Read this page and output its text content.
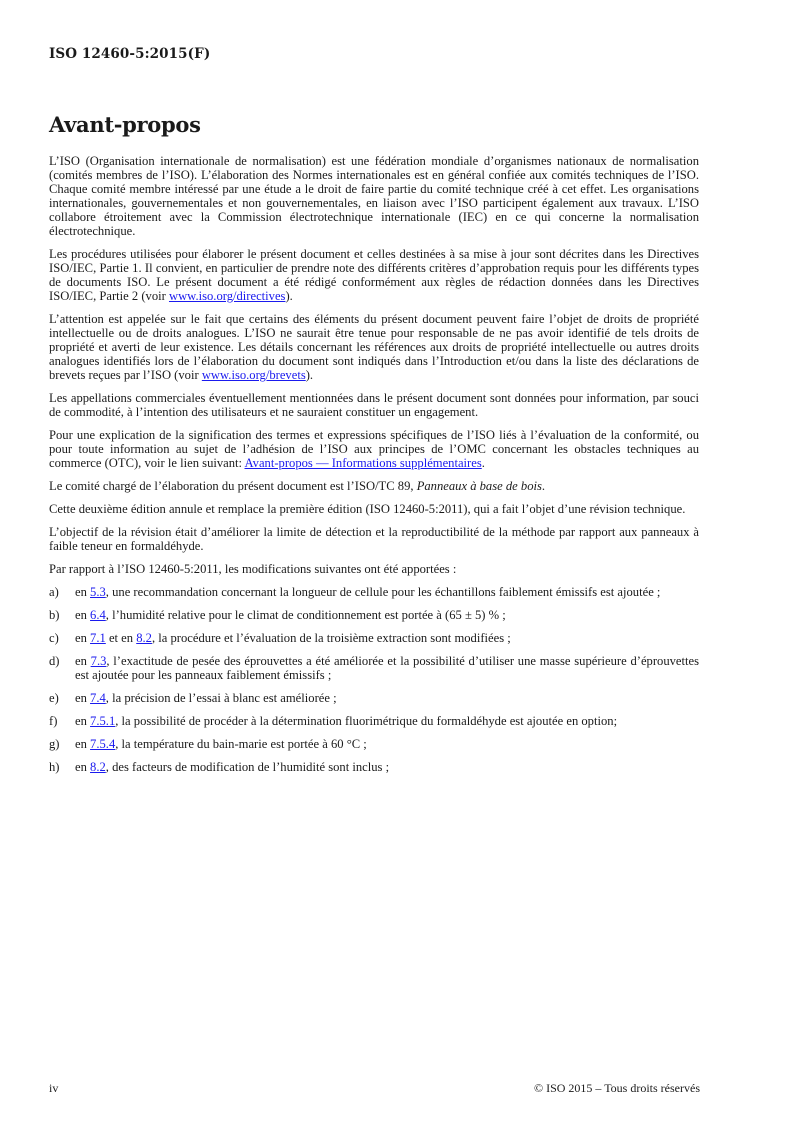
ISO 12460-5:2015(F)
Avant-propos

L’ISO (Organisation internationale de normalisation) est une fédération mondiale d’organismes nationaux de normalisation (comités membres de l’ISO). L’élaboration des Normes internationales est en général confiée aux comités techniques de l’ISO. Chaque comité membre intéressé par une étude a le droit de faire partie du comité technique créé à cet effet. Les organisations internationales, gouvernementales et non gouvernementales, en liaison avec l’ISO participent également aux travaux. L’ISO collabore étroitement avec la Commission électrotechnique internationale (IEC) en ce qui concerne la normalisation électrotechnique.

Les procédures utilisées pour élaborer le présent document et celles destinées à sa mise à jour sont décrites dans les Directives ISO/IEC, Partie 1. Il convient, en particulier de prendre note des différents critères d’approbation requis pour les différents types de documents ISO. Le présent document a été rédigé conformément aux règles de rédaction données dans les Directives ISO/IEC, Partie 2 (voir www.iso.org/directives).

L’attention est appelée sur le fait que certains des éléments du présent document peuvent faire l’objet de droits de propriété intellectuelle ou de droits analogues. L’ISO ne saurait être tenue pour responsable de ne pas avoir identifié de tels droits de propriété et averti de leur existence. Les détails concernant les références aux droits de propriété intellectuelle ou autres droits analogues identifiés lors de l’élaboration du document sont indiqués dans l’Introduction et/ou dans la liste des déclarations de brevets reçues par l’ISO (voir www.iso.org/brevets).

Les appellations commerciales éventuellement mentionnées dans le présent document sont données pour information, par souci de commodité, à l’intention des utilisateurs et ne sauraient constituer un engagement.

Pour une explication de la signification des termes et expressions spécifiques de l’ISO liés à l’évaluation de la conformité, ou pour toute information au sujet de l’adhésion de l’ISO aux principes de l’OMC concernant les obstacles techniques au commerce (OTC), voir le lien suivant: Avant-propos — Informations supplémentaires.

Le comité chargé de l’élaboration du présent document est l’ISO/TC 89, Panneaux à base de bois.

Cette deuxième édition annule et remplace la première édition (ISO 12460-5:2011), qui a fait l’objet d’une révision technique.

L’objectif de la révision était d’améliorer la limite de détection et la reproductibilité de la méthode par rapport aux panneaux à faible teneur en formaldéhyde.

Par rapport à l’ISO 12460-5:2011, les modifications suivantes ont été apportées :

a)	en 5.3, une recommandation concernant la longueur de cellule pour les échantillons faiblement émissifs est ajoutée ;
b)	en 6.4, l’humidité relative pour le climat de conditionnement est portée à (65 ± 5) % ;
c)	en 7.1 et en 8.2, la procédure et l’évaluation de la troisième extraction sont modifiées ;
d)	en 7.3, l’exactitude de pesée des éprouvettes a été améliorée et la possibilité d’utiliser une masse supérieure d’éprouvettes est ajoutée pour les panneaux faiblement émissifs ;
e)	en 7.4, la précision de l’essai à blanc est améliorée ;
f)	en 7.5.1, la possibilité de procéder à la détermination fluorimétrique du formaldéhyde est ajoutée en option;
g)	en 7.5.4, la température du bain-marie est portée à 60 °C ;
h)	en 8.2, des facteurs de modification de l’humidité sont inclus ;
iv	© ISO 2015 – Tous droits réservés
